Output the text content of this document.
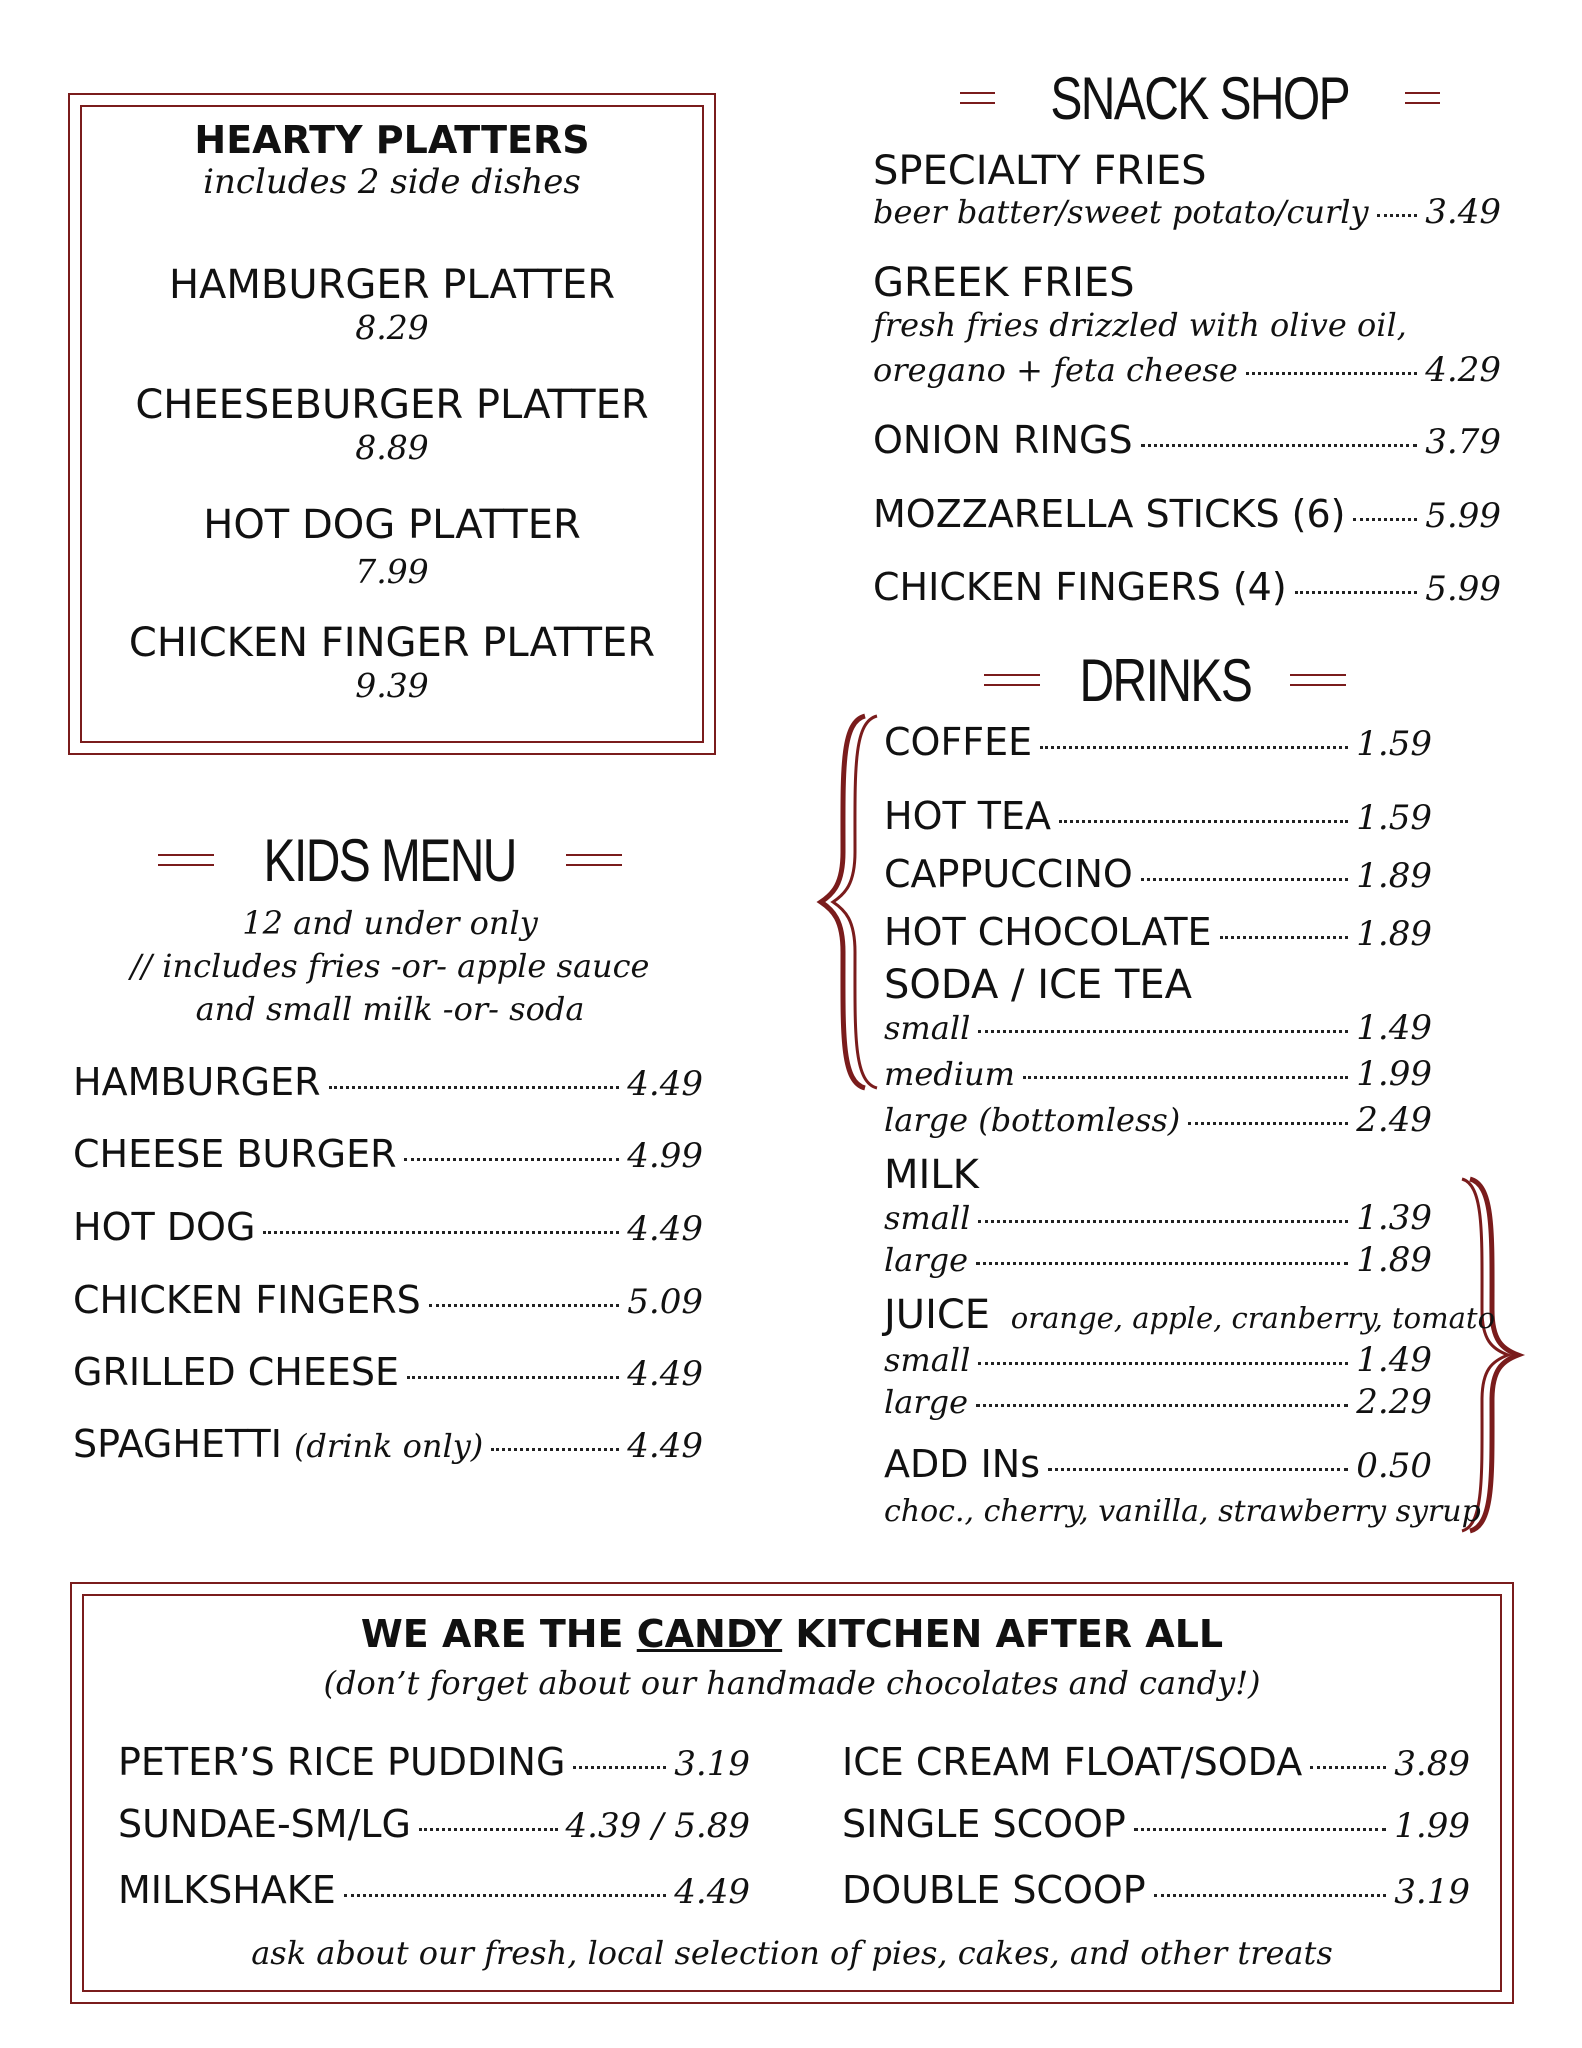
HEARTY PLATTERS
includes 2 side dishes
HAMBURGER PLATTER
8.29
CHEESEBURGER PLATTER
8.89
HOT DOG PLATTER
7.99
CHICKEN FINGER PLATTER
9.39
KIDS MENU
12 and under only
// includes fries -or- apple sauce
and small milk -or- soda
HAMBURGER	4.49
CHEESE BURGER	4.99
HOT DOG	4.49
CHICKEN FINGERS	5.09
GRILLED CHEESE	4.49
SPAGHETTI (drink only)	4.49
SNACK SHOP
SPECIALTY FRIES
beer batter/sweet potato/curly 3.49
GREEK FRIES
fresh fries drizzled with olive oil,
oregano + feta cheese	4.29
ONION RINGS	3.79
MOZZARELLA STICKS (6) 5.99
CHICKEN FINGERS (4)	5.99
DRINKS
COFFEE	1.59
HOT TEA	1.59
CAPPUCCINO	1.89
HOT CHOCOLATE	1.89
SODA / ICE TEA
small	1.49
medium	1.99
large (bottomless)	2.49
MILK
small	1.39
large	1.89
JUICE orange, apple, cranberry, tomato
small	1.49
large	2.29
ADD INs	0.50
choc., cherry, vanilla, strawberry syrup
WE ARE THE CANDY KITCHEN AFTER ALL
(don’t forget about our handmade chocolates and candy!)
PETER’S RICE PUDDING	3.19
SUNDAE-SM/LG	4.39 / 5.89
MILKSHAKE	4.49
ICE CREAM FLOAT/SODA	3.89
SINGLE SCOOP	1.99
DOUBLE SCOOP	3.19
ask about our fresh, local selection of pies, cakes, and other treats
